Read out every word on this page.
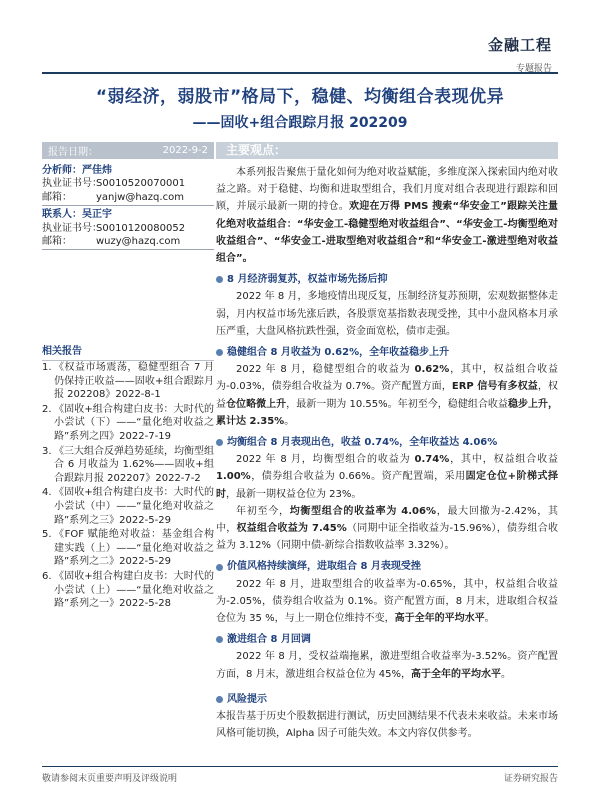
金融工程
专题报告
“弱经济，弱股市”格局下，稳健、均衡组合表现优异
——固收+组合跟踪月报 202209
报告日期：	2022-9-2 主要观点：
分析师： 严佳炜
执业证书号：
S0010520070001
邮箱：	yanjw@hazq.com
联系人： 吴正宇
执业证书号：
S0010120080052
邮箱：	wuzy@hazq.com
相关报告
1. 《权益市场震荡，稳健型组合 7 月仍保持正收益——固收+组合跟踪月报 202208》2022-8-1
2. 《固收+组合构建白皮书：大时代的小尝试（下）——“量化绝对收益之路”系列之四》2022-7-19
3. 《三大组合反弹趋势延续，均衡型组合 6 月收益为 1.62%——固收+组合跟踪月报 202207》2022-7-2
4. 《固收+组合构建白皮书：大时代的小尝试（中）——“量化绝对收益之路”系列之三》2022-5-29
5. 《FOF 赋能绝对收益：基金组合构建实践（上）——“量化绝对收益之路”系列之二》2022-5-29
6. 《固收+组合构建白皮书：大时代的小尝试（上）——“量化绝对收益之路”系列之一》2022-5-28

本系列报告聚焦于量化如何为绝对收益赋能，多维度深入探索国内绝对收益之路。对于稳健、均衡和进取型组合，我们月度对组合表现进行跟踪和回顾，并展示最新一期的持仓。欢迎在万得 PMS 搜索“华安金工”跟踪关注量化绝对收益组合：“华安金工-稳健型绝对收益组合”、“华安金工-均衡型绝对收益组合”、“华安金工-进取型绝对收益组合”和“华安金工-激进型绝对收益组合”。

8 月经济弱复苏，权益市场先扬后抑

2022 年 8 月，多地疫情出现反复，压制经济复苏预期，宏观数据整体走弱，月内权益市场先涨后跌，各股票宽基指数表现受挫，其中小盘风格本月承压严重，大盘风格抗跌性强，资金面宽松，债市走强。

稳健组合 8 月收益为 0.62%，全年收益稳步上升

2022 年 8 月，稳健型组合的收益为 0.62%，其中，权益组合收益为-0.03%，债券组合收益为 0.7%。资产配置方面，ERP 信号有多权益，权益仓位略微上升，最新一期为 10.55%。年初至今，稳健组合收益稳步上升，累计达 2.35%。

均衡组合 8 月表现出色，收益 0.74%，全年收益达 4.06%

2022 年 8 月，均衡型组合的收益为 0.74%，其中，权益组合收益 1.00%，债券组合收益为 0.66%。资产配置端，采用固定仓位+阶梯式择时，最新一期权益仓位为 23%。

年初至今，均衡型组合的收益率为 4.06%，最大回撤为-2.42%，其中，权益组合收益为 7.45%（同期中证全指收益为-15.96%），债券组合收益为 3.12%（同期中债-新综合指数收益率 3.32%）。

价值风格持续演绎，进取组合 8 月表现受挫

2022 年 8 月，进取型组合的收益率为-0.65%，其中，权益组合收益为-2.05%，债券组合收益为 0.1%。资产配置方面，8 月末，进取组合权益仓位为 35 %，与上一期仓位维持不变，高于全年的平均水平。

激进组合 8 月回调

2022 年 8 月，受权益端拖累，激进型组合收益率为-3.52%。资产配置方面，8 月末，激进组合权益仓位为 45%，高于全年的平均水平。

风险提示

本报告基于历史个股数据进行测试，历史回测结果不代表未来收益。未来市场风格可能切换，Alpha 因子可能失效。本文内容仅供参考。

敬请参阅末页重要声明及评级说明	证券研究报告
